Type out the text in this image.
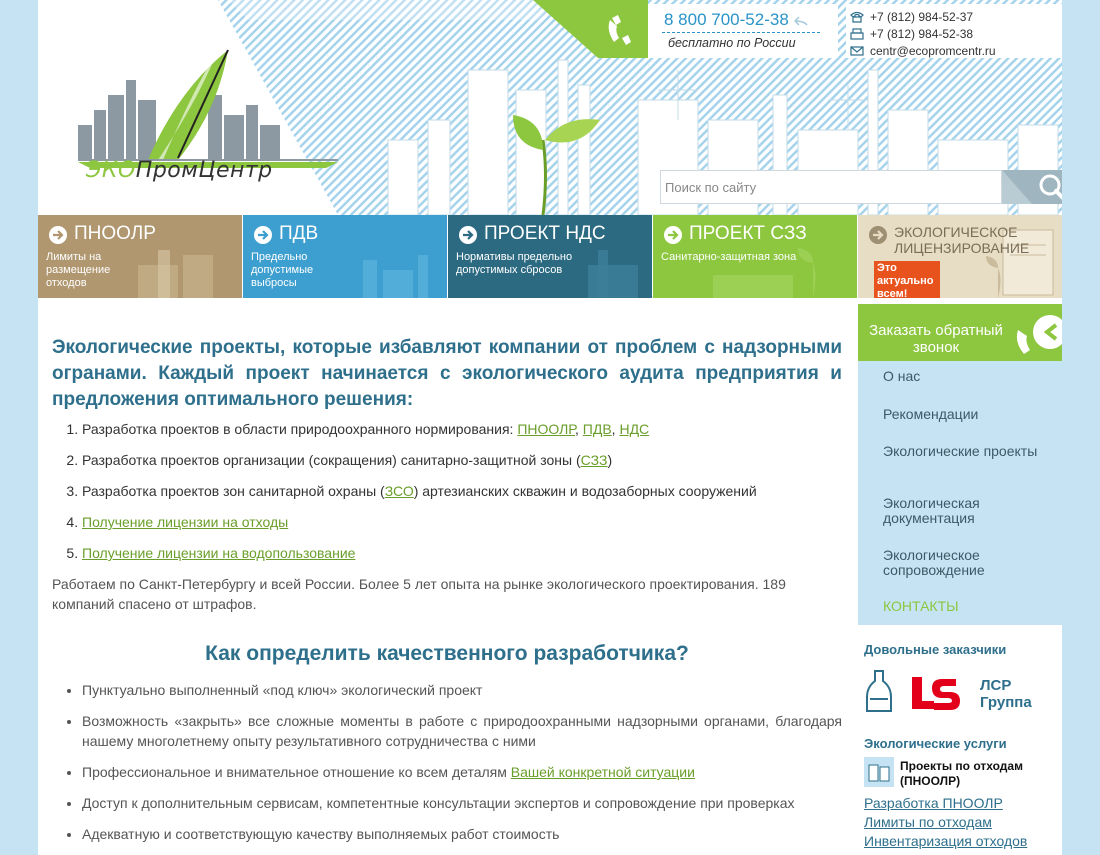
ЭКОПромЦентр
8 800 700-52-38
бесплатно по России
+7 (812) 984-52-37
+7 (812) 984-52-38
centr@ecopromcentr.ru
Поиск по сайту
ПНООЛР
Лимиты на размещение отходов
ПДВ
Предельно допустимые выбросы
ПРОЕКТ НДС
Нормативы предельно допустимых сбросов
ПРОЕКТ СЗЗ
Санитарно-защитная зона
ЭКОЛОГИЧЕСКОЕ ЛИЦЕНЗИРОВАНИЕ
Это актуально всем!
Экологические проекты, которые избавляют компании от проблем с надзорными огранами. Каждый проект начинается с экологического аудита предприятия и предложения оптимального решения:
1. Разработка проектов в области природоохранного нормирования: ПНООЛР, ПДВ, НДС
2. Разработка проектов организации (сокращения) санитарно-защитной зоны (СЗЗ)
3. Разработка проектов зон санитарной охраны (ЗСО) артезианских скважин и водозаборных сооружений
4. Получение лицензии на отходы
5. Получение лицензии на водопользование

Работаем по Санкт-Петербургу и всей России. Более 5 лет опыта на рынке экологического проектирования. 189 компаний спасено от штрафов.

Как определить качественного разработчика?
• Пунктуально выполненный «под ключ» экологический проект
• Возможность «закрыть» все сложные моменты в работе с природоохранными надзорными органами, благодаря нашему многолетнему опыту результативного сотрудничества с ними
• Профессиональное и внимательное отношение ко всем деталям Вашей конкретной ситуации
• Доступ к дополнительным сервисам, компетентные консультации экспертов и сопровождение при проверках
• Адекватную и соответствующую качеству выполняемых работ стоимость
Заказать обратный звонок
О нас
Рекомендации
Экологические проекты
Экологическая документация
Экологическое сопровождение
КОНТАКТЫ
Довольные заказчики
ЛСР
Группа
Экологические услуги
Проекты по отходам (ПНООЛР)
Разработка ПНООЛР
Лимиты по отходам
Инвентаризация отходов
